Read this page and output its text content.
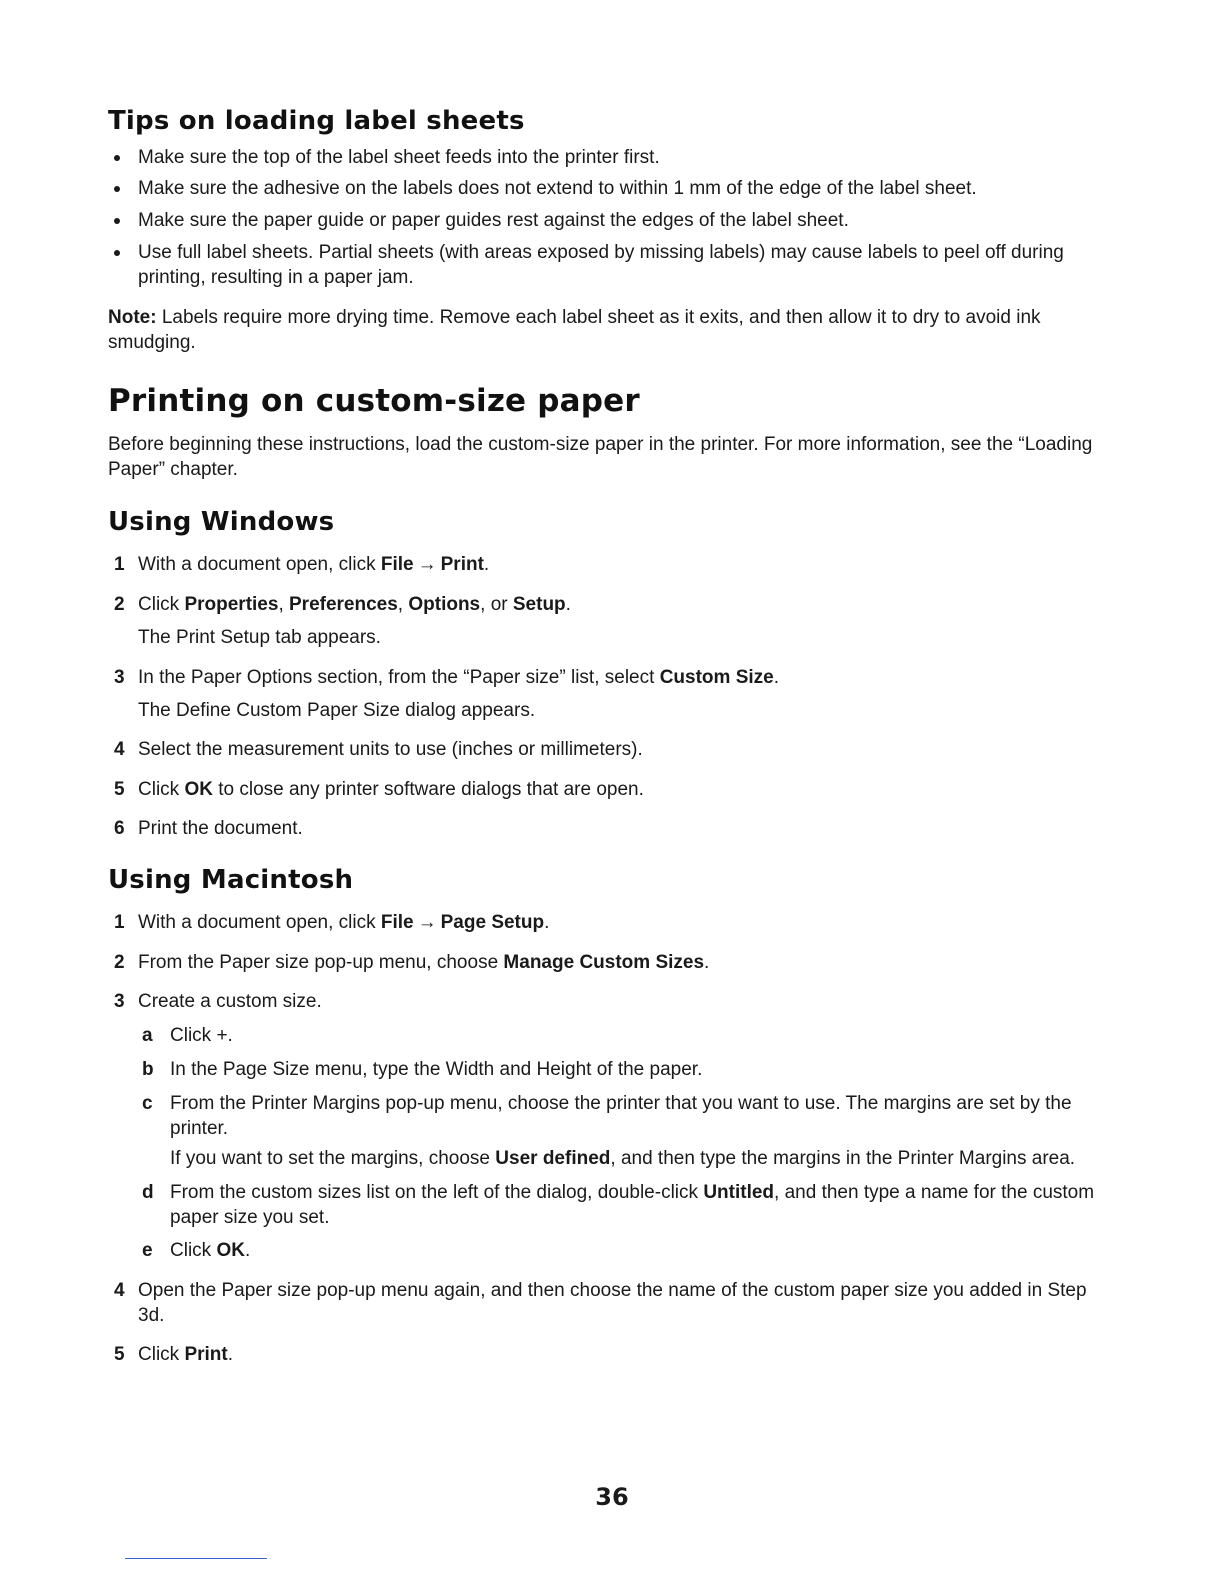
Tips on loading label sheets
Make sure the top of the label sheet feeds into the printer first.
Make sure the adhesive on the labels does not extend to within 1 mm of the edge of the label sheet.
Make sure the paper guide or paper guides rest against the edges of the label sheet.
Use full label sheets. Partial sheets (with areas exposed by missing labels) may cause labels to peel off during printing, resulting in a paper jam.

Note: Labels require more drying time. Remove each label sheet as it exits, and then allow it to dry to avoid ink smudging.

Printing on custom-size paper

Before beginning these instructions, load the custom-size paper in the printer. For more information, see the “Loading Paper” chapter.

Using Windows
1 With a document open, click File → Print.
2 Click Properties, Preferences, Options, or Setup.
The Print Setup tab appears.
3 In the Paper Options section, from the “Paper size” list, select Custom Size.
The Define Custom Paper Size dialog appears.
4 Select the measurement units to use (inches or millimeters).
5 Click OK to close any printer software dialogs that are open.
6 Print the document.
Using Macintosh
1 With a document open, click File → Page Setup.
2 From the Paper size pop-up menu, choose Manage Custom Sizes.
3 Create a custom size.
a Click +.
b In the Page Size menu, type the Width and Height of the paper.
c From the Printer Margins pop-up menu, choose the printer that you want to use. The margins are set by the printer.
If you want to set the margins, choose User defined, and then type the margins in the Printer Margins area.
d From the custom sizes list on the left of the dialog, double-click Untitled, and then type a name for the custom paper size you set.
e Click OK.
4 Open the Paper size pop-up menu again, and then choose the name of the custom paper size you added in Step 3d.
5 Click Print.
36
